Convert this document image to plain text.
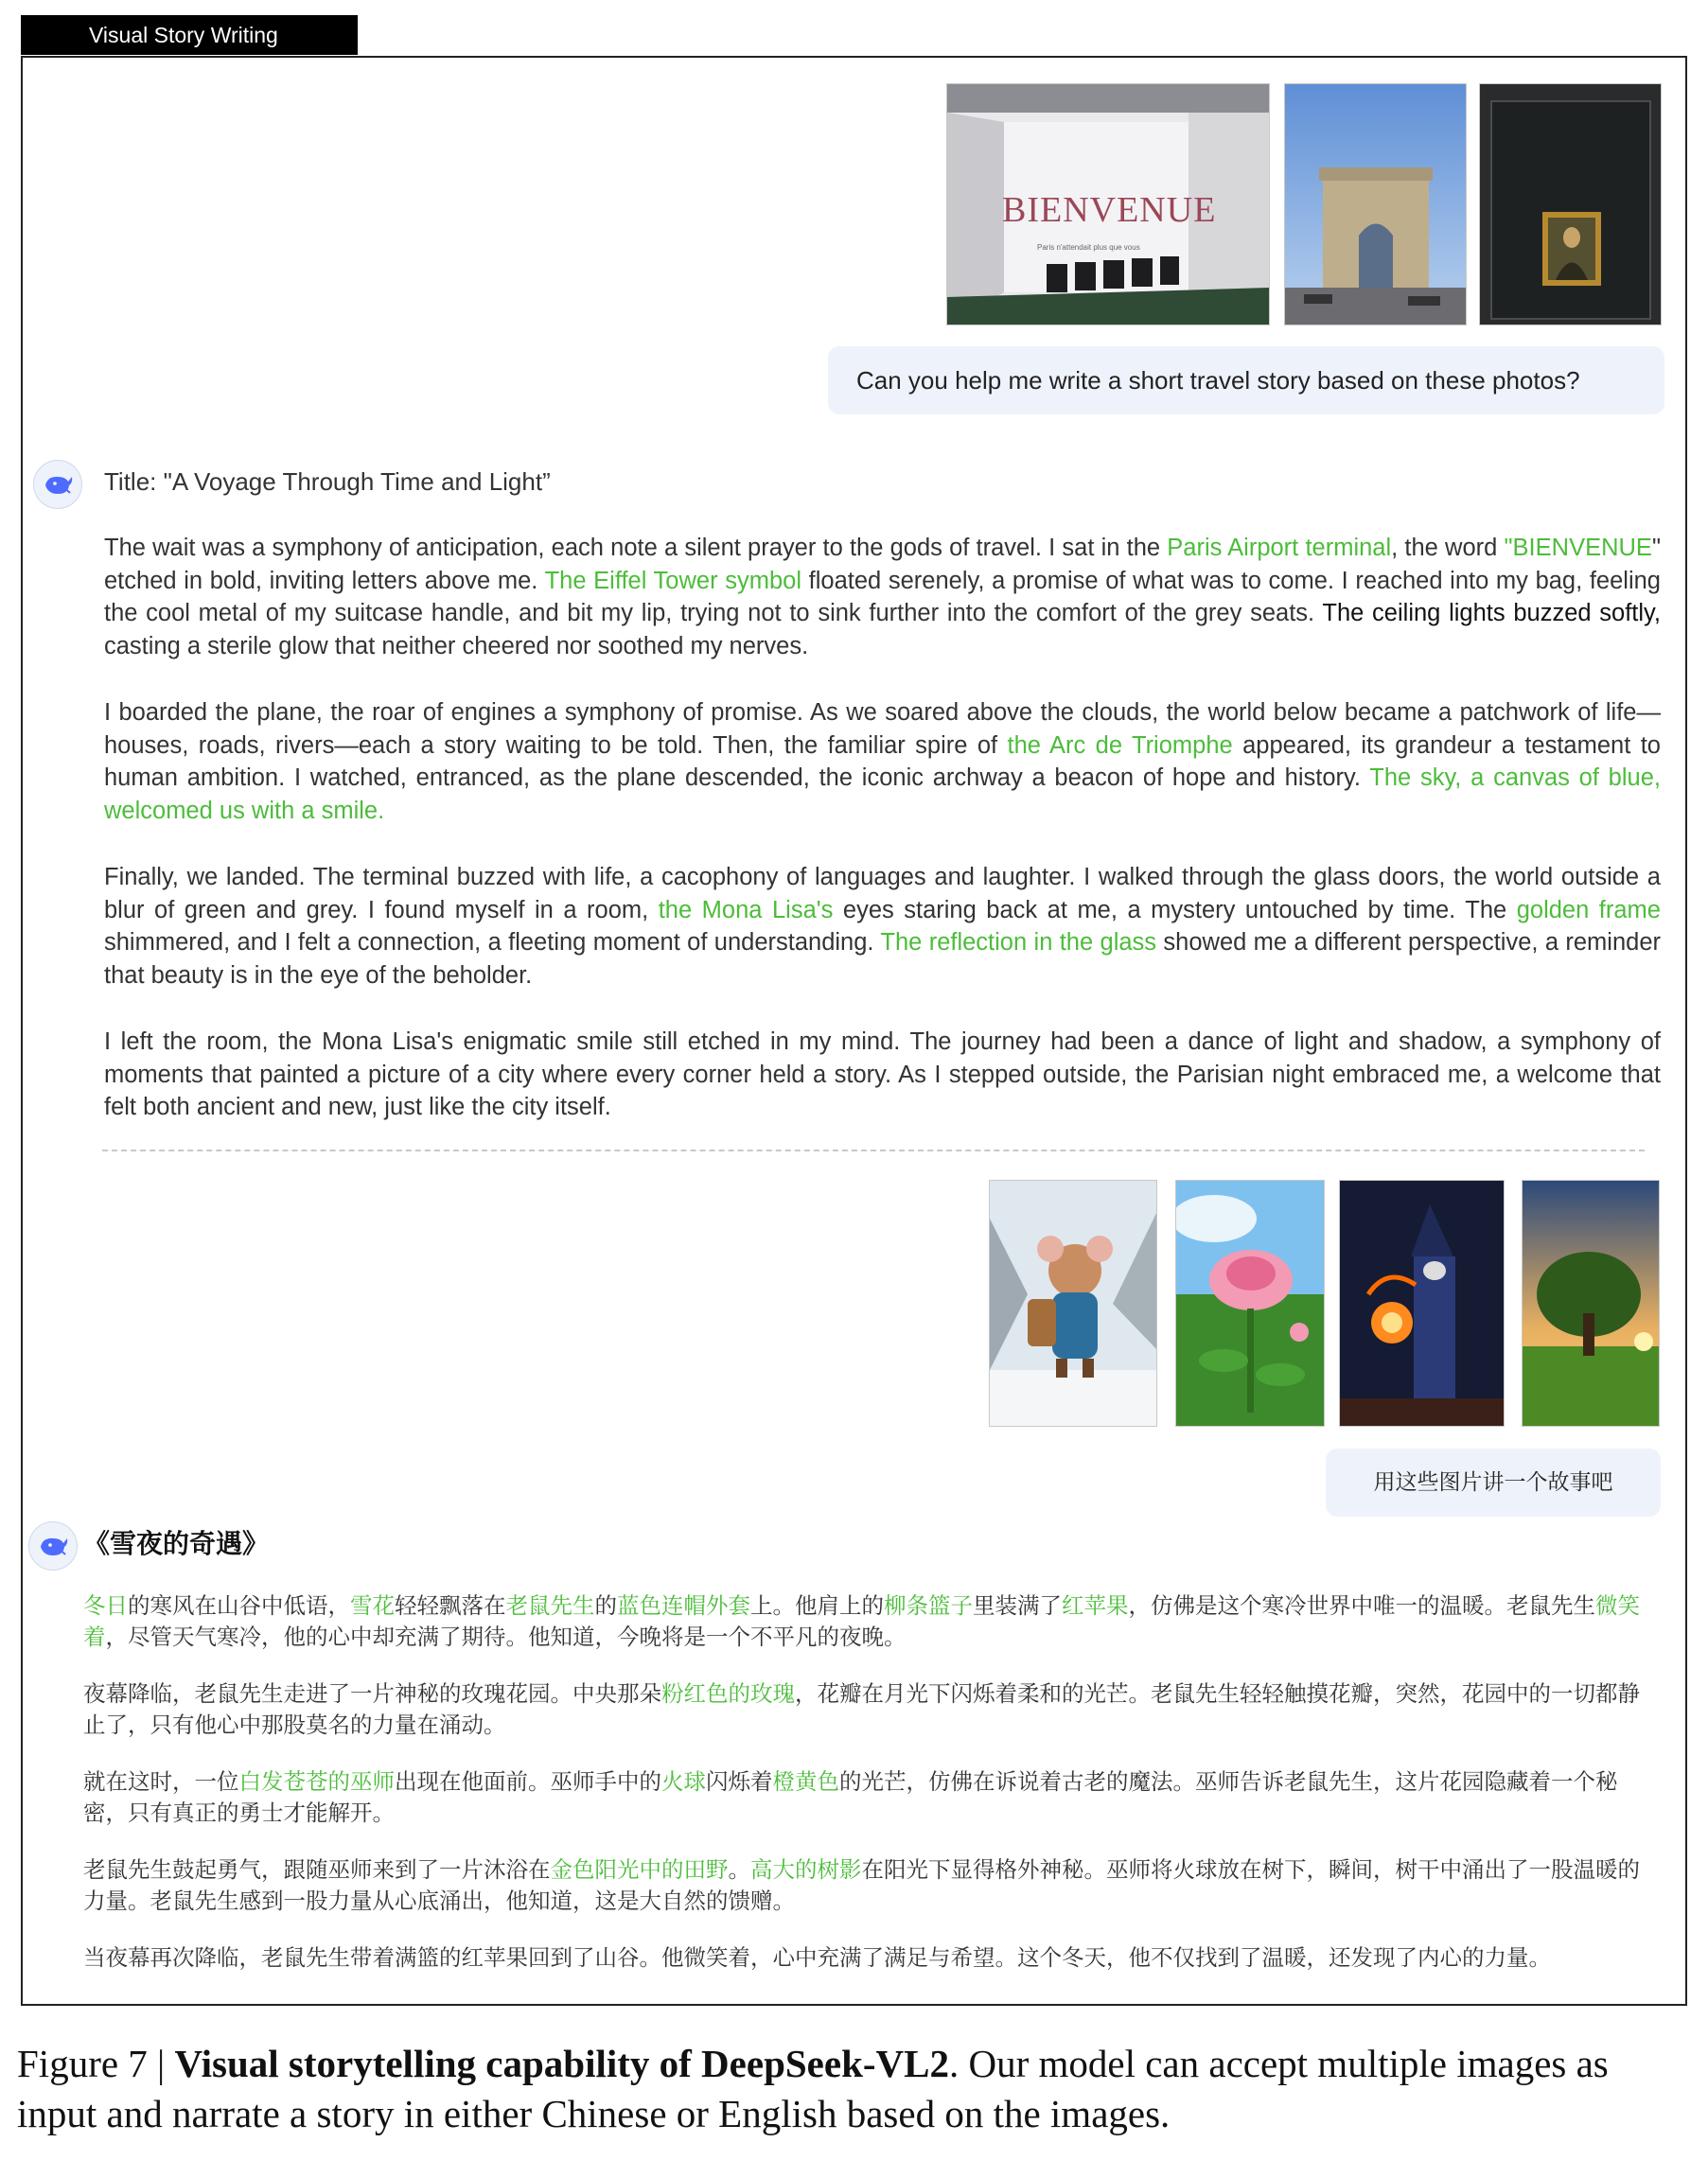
Visual Story Writing
BIENVENUE
Paris n'attendait plus que vous
Can you help me write a short travel story based on these photos?
Title: "A Voyage Through Time and Light”

The wait was a symphony of anticipation, each note a silent prayer to the gods of travel. I sat in the Paris Airport terminal, the word "BIENVENUE" etched in bold, inviting letters above me. The Eiffel Tower symbol floated serenely, a promise of what was to come. I reached into my bag, feeling the cool metal of my suitcase handle, and bit my lip, trying not to sink further into the comfort of the grey seats. The ceiling lights buzzed softly, casting a sterile glow that neither cheered nor soothed my nerves.

I boarded the plane, the roar of engines a symphony of promise. As we soared above the clouds, the world below became a patchwork of life—houses, roads, rivers—each a story waiting to be told. Then, the familiar spire of the Arc de Triomphe appeared, its grandeur a testament to human ambition. I watched, entranced, as the plane descended, the iconic archway a beacon of hope and history. The sky, a canvas of blue, welcomed us with a smile.

Finally, we landed. The terminal buzzed with life, a cacophony of languages and laughter. I walked through the glass doors, the world outside a blur of green and grey. I found myself in a room, the Mona Lisa's eyes staring back at me, a mystery untouched by time. The golden frame shimmered, and I felt a connection, a fleeting moment of understanding. The reflection in the glass showed me a different perspective, a reminder that beauty is in the eye of the beholder.

I left the room, the Mona Lisa's enigmatic smile still etched in my mind. The journey had been a dance of light and shadow, a symphony of moments that painted a picture of a city where every corner held a story. As I stepped outside, the Parisian night embraced me, a welcome that felt both ancient and new, just like the city itself.

用这些图片讲一个故事吧
《雪夜的奇遇》

冬日的寒风在山谷中低语，雪花轻轻飘落在老鼠先生的蓝色连帽外套上。他肩上的柳条篮子里装满了红苹果，仿佛是这个寒冷世界中唯一的温暖。老鼠先生微笑着，尽管天气寒冷，他的心中却充满了期待。他知道，今晚将是一个不平凡的夜晚。

夜幕降临，老鼠先生走进了一片神秘的玫瑰花园。中央那朵粉红色的玫瑰，花瓣在月光下闪烁着柔和的光芒。老鼠先生轻轻触摸花瓣，突然，花园中的一切都静止了，只有他心中那股莫名的力量在涌动。

就在这时，一位白发苍苍的巫师出现在他面前。巫师手中的火球闪烁着橙黄色的光芒，仿佛在诉说着古老的魔法。巫师告诉老鼠先生，这片花园隐藏着一个秘密，只有真正的勇士才能解开。

老鼠先生鼓起勇气，跟随巫师来到了一片沐浴在金色阳光中的田野。高大的树影在阳光下显得格外神秘。巫师将火球放在树下，瞬间，树干中涌出了一股温暖的力量。老鼠先生感到一股力量从心底涌出，他知道，这是大自然的馈赠。

当夜幕再次降临，老鼠先生带着满篮的红苹果回到了山谷。他微笑着，心中充满了满足与希望。这个冬天，他不仅找到了温暖，还发现了内心的力量。

Figure 7 | Visual storytelling capability of DeepSeek-VL2. Our model can accept multiple images as input and narrate a story in either Chinese or English based on the images.
